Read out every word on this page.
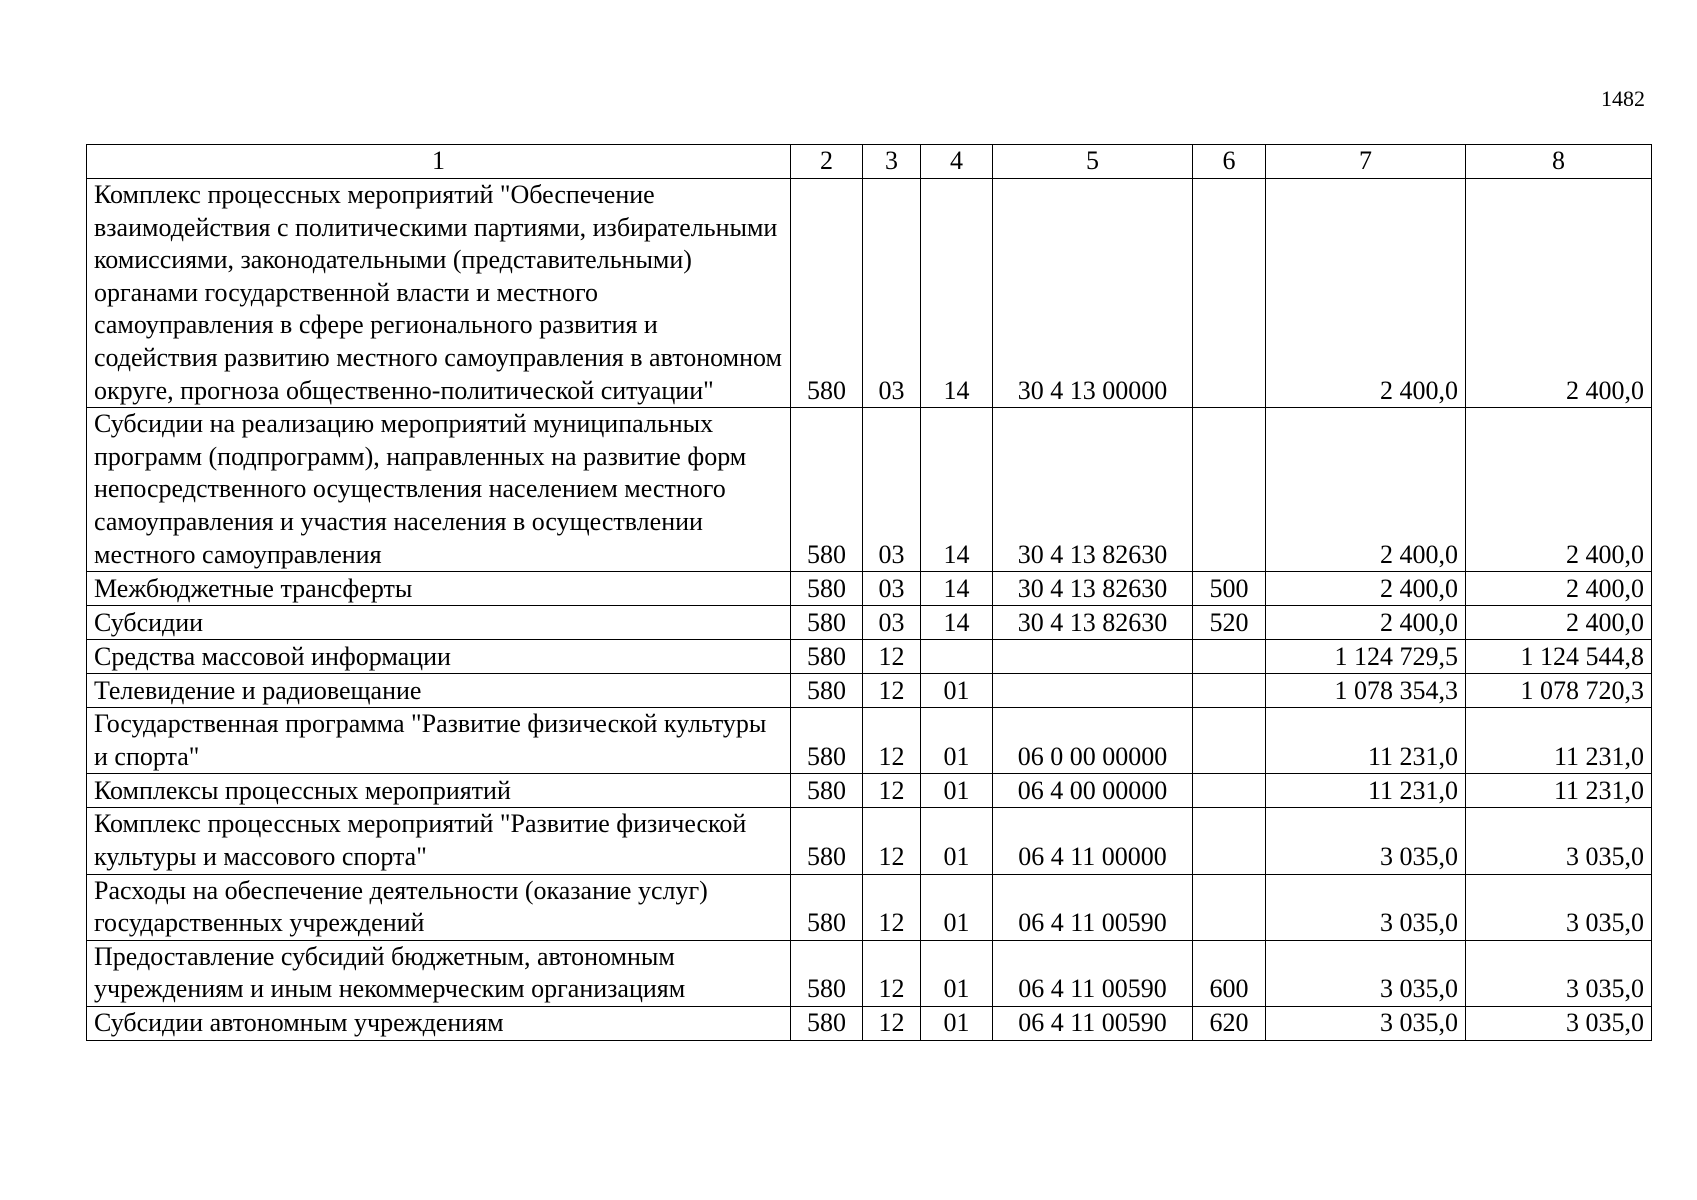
1482
1	2	3	4	5	6	7	8
Комплекс процессных мероприятий "Обеспечение взаимодействия с политическими партиями, избирательными комиссиями, законодательными (представительными) органами государственной власти и местного самоуправления в сфере регионального развития и содействия развитию местного самоуправления в автономном округе, прогноза общественно-политической ситуации"	580	03	14	30 4 13 00000		2 400,0	2 400,0
Субсидии на реализацию мероприятий муниципальных программ (подпрограмм), направленных на развитие форм непосредственного осуществления населением местного самоуправления и участия населения в осуществлении местного самоуправления	580	03	14	30 4 13 82630		2 400,0	2 400,0
Межбюджетные трансферты	580	03	14	30 4 13 82630	500	2 400,0	2 400,0
Субсидии	580	03	14	30 4 13 82630	520	2 400,0	2 400,0
Средства массовой информации	580	12				1 124 729,5	1 124 544,8
Телевидение и радиовещание	580	12	01			1 078 354,3	1 078 720,3
Государственная программа "Развитие физической культуры и спорта"	580	12	01	06 0 00 00000		11 231,0	11 231,0
Комплексы процессных мероприятий	580	12	01	06 4 00 00000		11 231,0	11 231,0
Комплекс процессных мероприятий "Развитие физической культуры и массового спорта"	580	12	01	06 4 11 00000		3 035,0	3 035,0
Расходы на обеспечение деятельности (оказание услуг) государственных учреждений	580	12	01	06 4 11 00590		3 035,0	3 035,0
Предоставление субсидий бюджетным, автономным учреждениям и иным некоммерческим организациям	580	12	01	06 4 11 00590	600	3 035,0	3 035,0
Субсидии автономным учреждениям	580	12	01	06 4 11 00590	620	3 035,0	3 035,0
